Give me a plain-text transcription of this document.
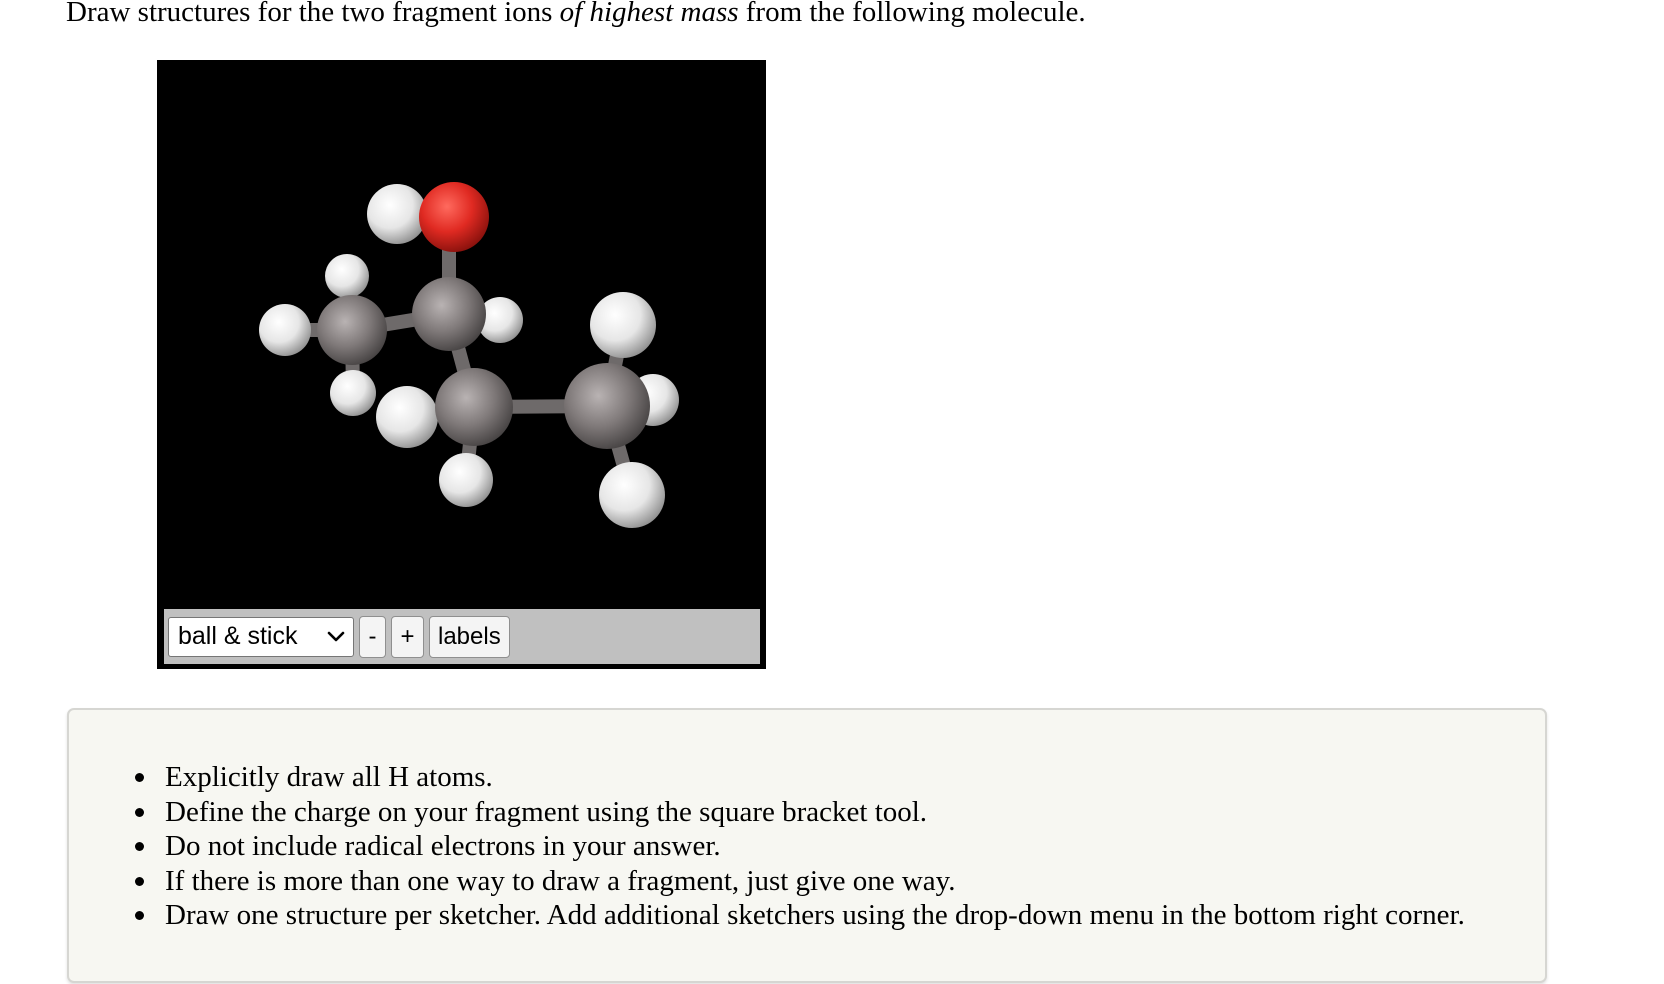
Draw structures for the two fragment ions of highest mass from the following molecule.

ball & stick	- + labels
Explicitly draw all H atoms.
Define the charge on your fragment using the square bracket tool.
Do not include radical electrons in your answer.
If there is more than one way to draw a fragment, just give one way.
Draw one structure per sketcher. Add additional sketchers using the drop-down menu in the bottom right corner.
